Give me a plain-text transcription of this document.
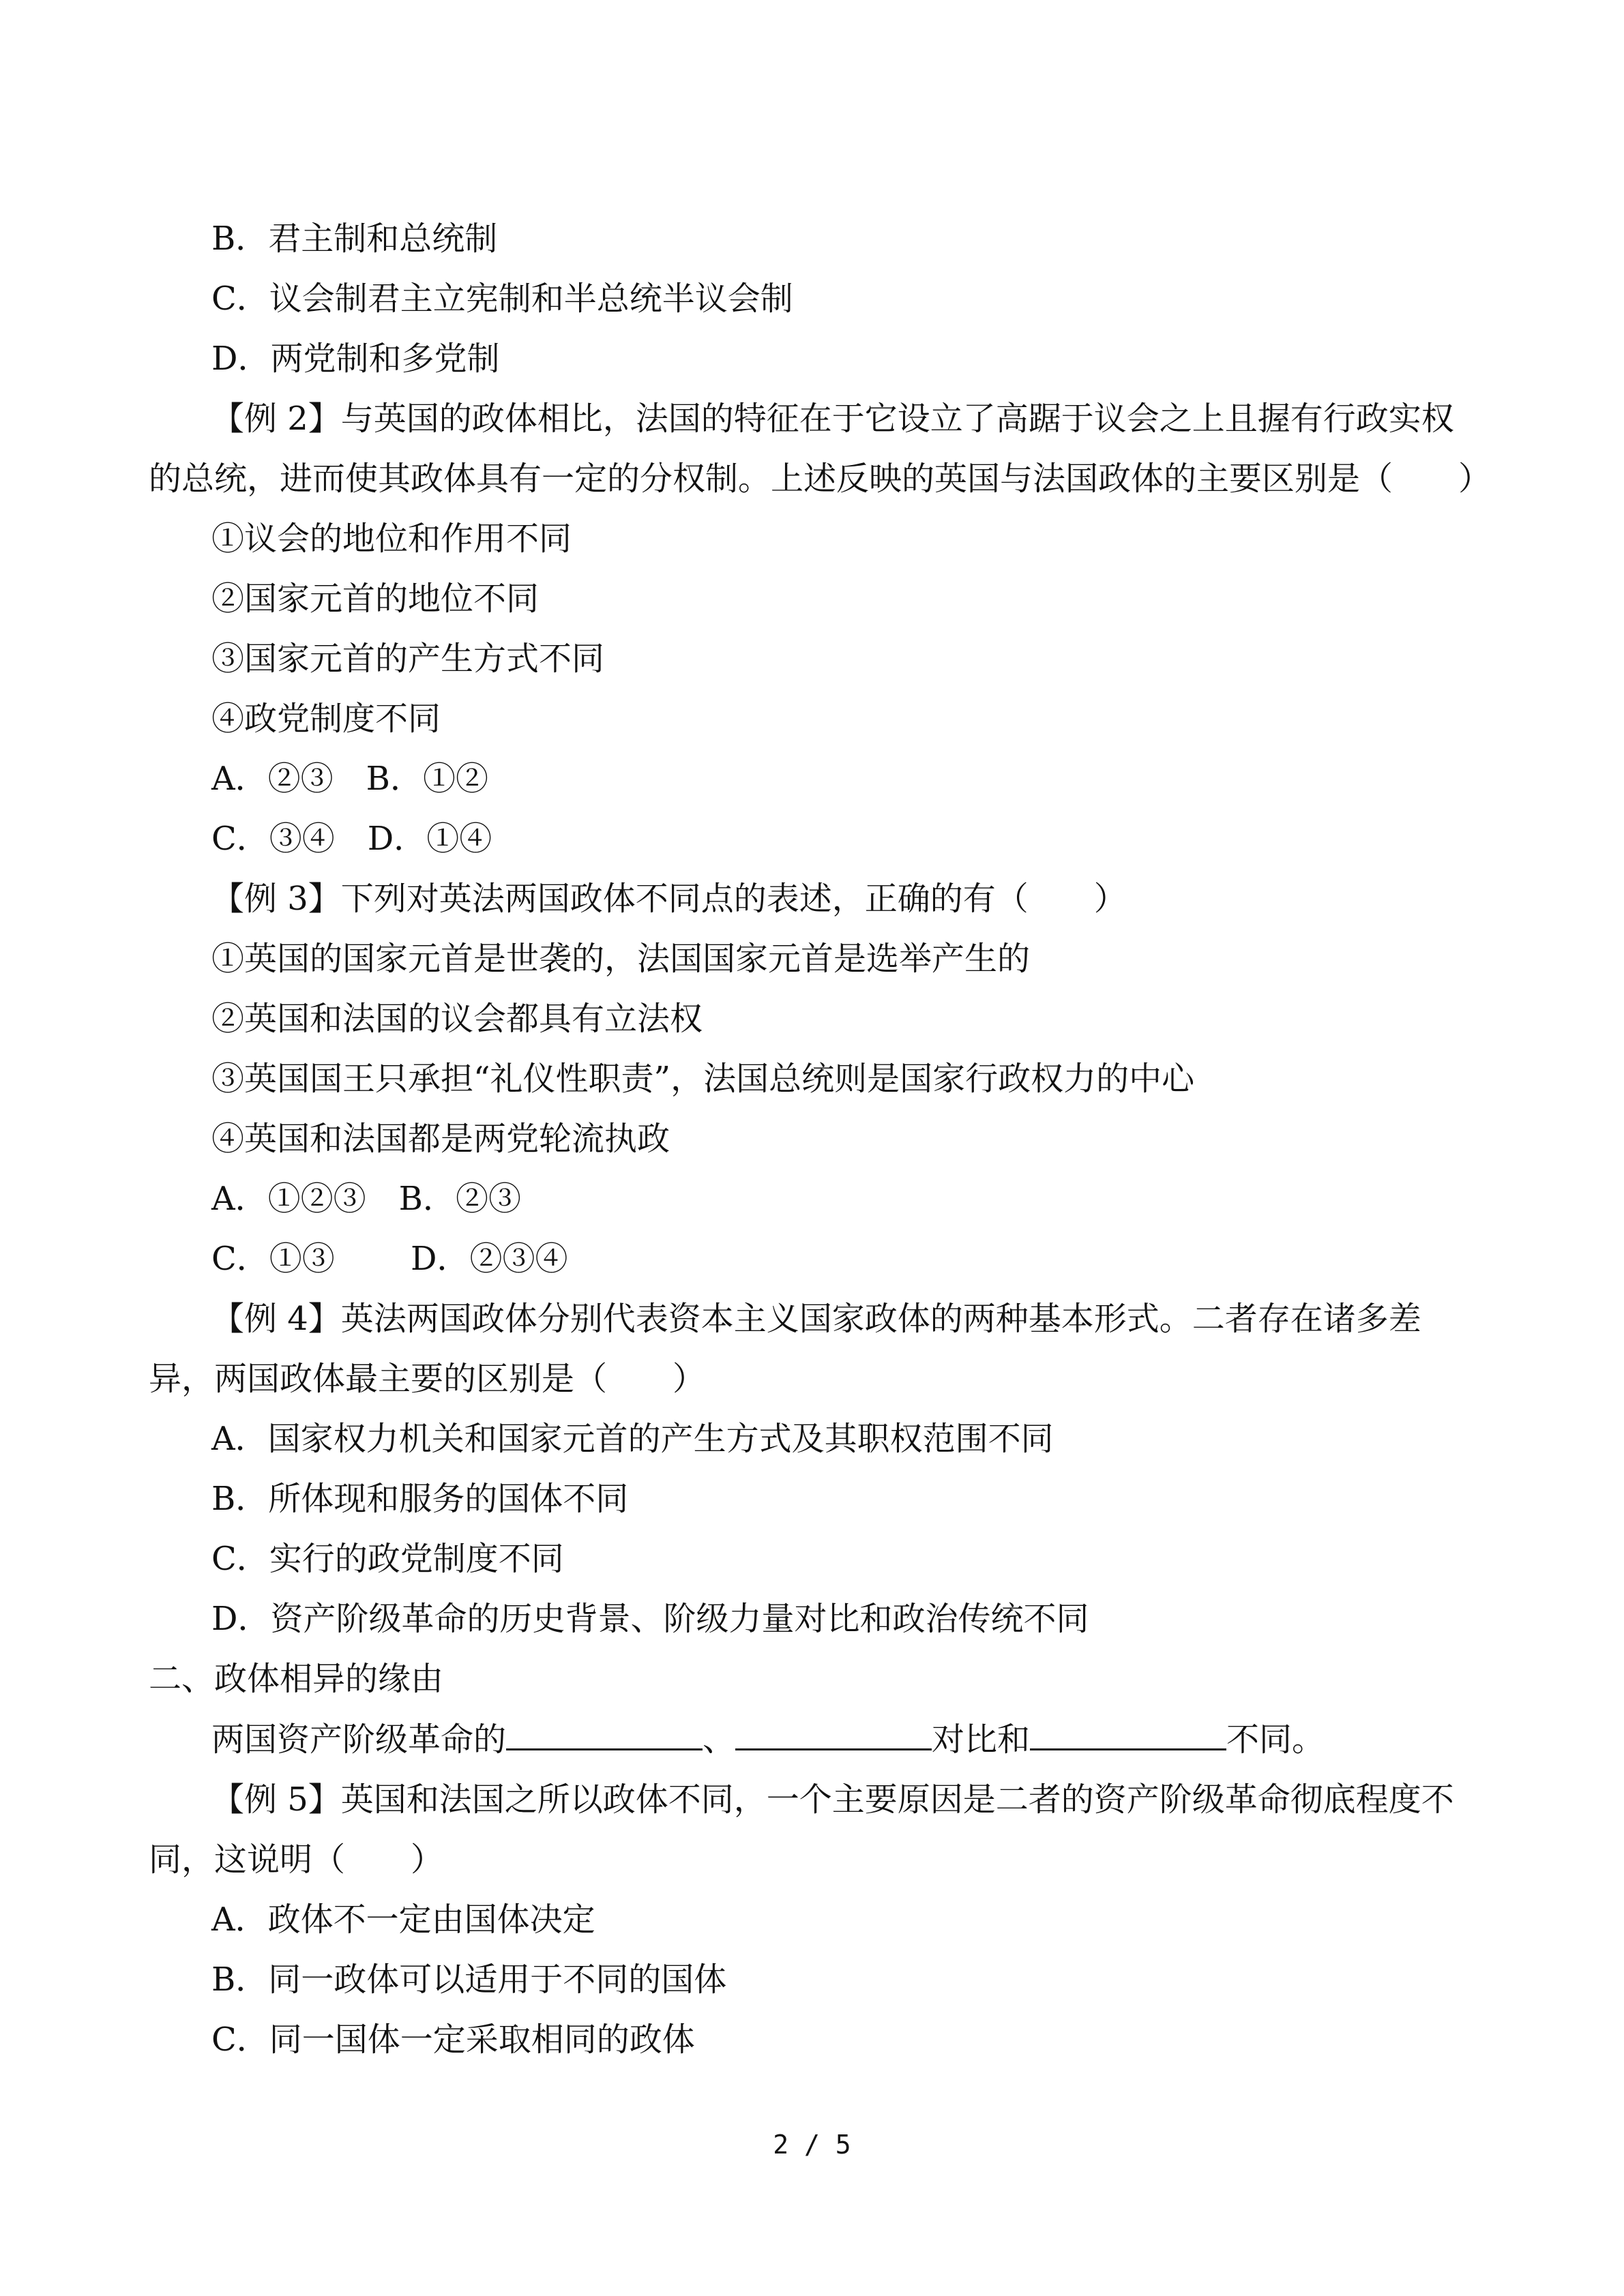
B．君主制和总统制

C．议会制君主立宪制和半总统半议会制

D．两党制和多党制

【例 2】与英国的政体相比，法国的特征在于它设立了高踞于议会之上且握有行政实权

的总统，进而使其政体具有一定的分权制。上述反映的英国与法国政体的主要区别是（　　）

①议会的地位和作用不同

②国家元首的地位不同

③国家元首的产生方式不同

④政党制度不同

A．②③　B．①②

C．③④　D．①④

【例 3】下列对英法两国政体不同点的表述，正确的有（　　）

①英国的国家元首是世袭的，法国国家元首是选举产生的

②英国和法国的议会都具有立法权

③英国国王只承担“礼仪性职责”，法国总统则是国家行政权力的中心

④英国和法国都是两党轮流执政

A．①②③　B．②③

C．①③　　 D．②③④

【例 4】英法两国政体分别代表资本主义国家政体的两种基本形式。二者存在诸多差

异，两国政体最主要的区别是（　　）

A．国家权力机关和国家元首的产生方式及其职权范围不同

B．所体现和服务的国体不同

C．实行的政党制度不同

D．资产阶级革命的历史背景、阶级力量对比和政治传统不同

二、政体相异的缘由

两国资产阶级革命的	、	对比和	不同。

【例 5】英国和法国之所以政体不同，一个主要原因是二者的资产阶级革命彻底程度不

同，这说明（　　）

A．政体不一定由国体决定

B．同一政体可以适用于不同的国体

C．同一国体一定采取相同的政体

2 / 5
